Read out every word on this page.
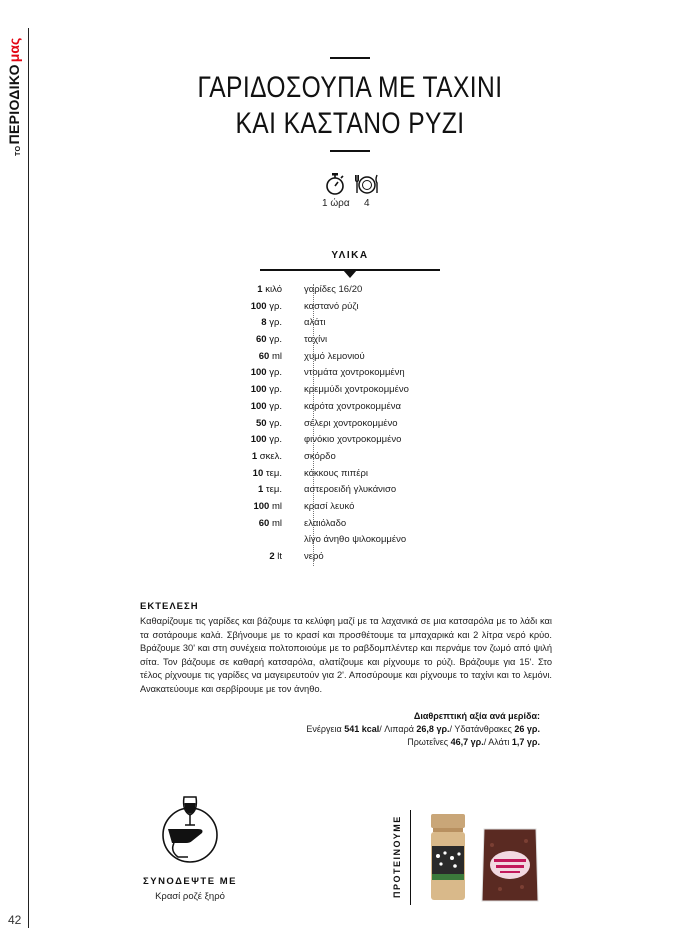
ΤΟ
ΠΕΡΙΟΔΙΚΟ
μας
42
ΓΑΡΙΔΟΣΟΥΠΑ ΜΕ ΤΑΧΙΝΙ
ΚΑΙ ΚΑΣΤΑΝΟ ΡΥΖΙ
1 ώρα 4
ΥΛΙΚΑ
1 κιλό	γαρίδες 16/20
100 γρ.	καστανό ρύζι
8 γρ.	αλάτι
60 γρ.	ταχίνι
60 ml	χυμό λεμονιού
100 γρ.	ντομάτα χοντροκομμένη
100 γρ.	κρεμμύδι χοντροκομμένο
100 γρ.	καρότα χοντροκομμένα
50 γρ.	σέλερι χοντροκομμένο
100 γρ.	φινόκιο χοντροκομμένο
1 σκελ.	σκόρδο
10 τεμ.	κόκκους πιπέρι
1 τεμ.	αστεροειδή γλυκάνισο
100 ml	κρασί λευκό
60 ml	ελαιόλαδο
λίγο άνηθο ψιλοκομμένο
2 lt	νερό
ΕΚΤΕΛΕΣΗ
Καθαρίζουμε τις γαρίδες και βάζουμε τα κελύφη μαζί με τα λαχανικά σε μια κατσαρόλα με το λάδι και τα σοτάρουμε καλά. Σβήνουμε με το κρασί και προσθέτουμε τα μπαχαρικά και 2 λίτρα νερό κρύο. Βράζουμε 30' και στη συνέχεια πολτοποιούμε με το ραβδομπλέντερ και περνάμε τον ζωμό από ψιλή σίτα. Τον βάζουμε σε καθαρή κατσαρόλα, αλατίζουμε και ρίχνουμε το ρύζι. Βράζουμε για 15'. Στο τέλος ρίχνουμε τις γαρίδες να μαγειρευτούν για 2'. Αποσύρουμε και ρίχνουμε το ταχίνι και το λεμόνι. Ανακατεύουμε και σερβίρουμε με τον άνηθο.
Διαθρεπτική αξία ανά μερίδα:
Ενέργεια 541 kcal/ Λιπαρά 26,8 γρ./ Υδατάνθρακες 26 γρ.
Πρωτεΐνες 46,7 γρ./ Αλάτι 1,7 γρ.
ΣΥΝΟΔΕΨΤΕ ΜΕ
Κρασί ροζέ ξηρό	ΠΡΟΤΕΙΝΟΥΜΕ
